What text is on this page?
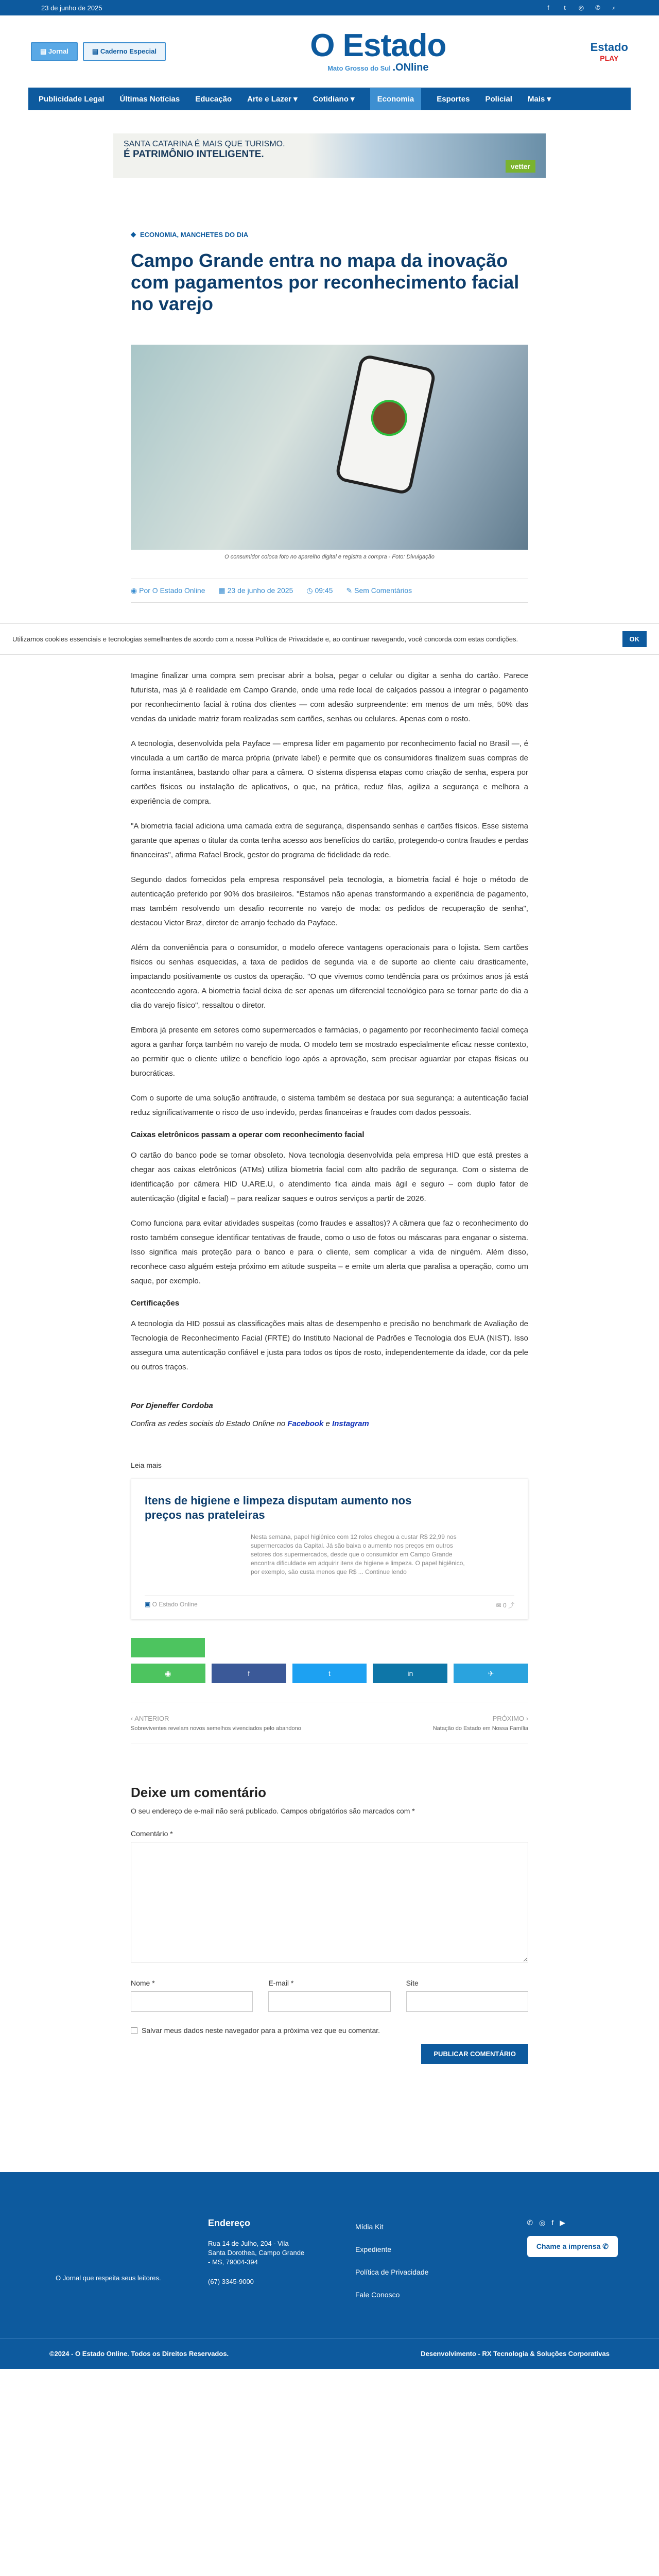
23 de junho de 2025	f	t	◎ ✆	⌕
▤ Jornal	▤ Caderno Especial	O Estado
Mato Grosso do Sul .ONline
Estado
PLAY
Publicidade Legal Últimas Notícias Educação Arte e Lazer ▾ Cotidiano ▾	Economia	Esportes Policial Mais ▾
SANTA CATARINA É MAIS QUE TURISMO.
É PATRIMÔNIO INTELIGENTE.
vetter
Utilizamos cookies essenciais e tecnologias semelhantes de acordo com a nossa Política de Privacidade e, ao continuar navegando, você concorda com estas condições.	OK
◆ ECONOMIA, MANCHETES DO DIA
Campo Grande entra no mapa da inovação com pagamentos por reconhecimento facial no varejo
O consumidor coloca foto no aparelho digital e registra a compra - Foto: Divulgação
◉ Por O Estado Online ▦ 23 de junho de 2025 ◷ 09:45 ✎ Sem Comentários

Imagine finalizar uma compra sem precisar abrir a bolsa, pegar o celular ou digitar a senha do cartão. Parece futurista, mas já é realidade em Campo Grande, onde uma rede local de calçados passou a integrar o pagamento por reconhecimento facial à rotina dos clientes — com adesão surpreendente: em menos de um mês, 50% das vendas da unidade matriz foram realizadas sem cartões, senhas ou celulares. Apenas com o rosto.

A tecnologia, desenvolvida pela Payface — empresa líder em pagamento por reconhecimento facial no Brasil —, é vinculada a um cartão de marca própria (private label) e permite que os consumidores finalizem suas compras de forma instantânea, bastando olhar para a câmera. O sistema dispensa etapas como criação de senha, espera por cartões físicos ou instalação de aplicativos, o que, na prática, reduz filas, agiliza a segurança e melhora a experiência de compra.

"A biometria facial adiciona uma camada extra de segurança, dispensando senhas e cartões físicos. Esse sistema garante que apenas o titular da conta tenha acesso aos benefícios do cartão, protegendo-o contra fraudes e perdas financeiras", afirma Rafael Brock, gestor do programa de fidelidade da rede.

Segundo dados fornecidos pela empresa responsável pela tecnologia, a biometria facial é hoje o método de autenticação preferido por 90% dos brasileiros. "Estamos não apenas transformando a experiência de pagamento, mas também resolvendo um desafio recorrente no varejo de moda: os pedidos de recuperação de senha", destacou Victor Braz, diretor de arranjo fechado da Payface.

Além da conveniência para o consumidor, o modelo oferece vantagens operacionais para o lojista. Sem cartões físicos ou senhas esquecidas, a taxa de pedidos de segunda via e de suporte ao cliente caiu drasticamente, impactando positivamente os custos da operação. "O que vivemos como tendência para os próximos anos já está acontecendo agora. A biometria facial deixa de ser apenas um diferencial tecnológico para se tornar parte do dia a dia do varejo físico", ressaltou o diretor.

Embora já presente em setores como supermercados e farmácias, o pagamento por reconhecimento facial começa agora a ganhar força também no varejo de moda. O modelo tem se mostrado especialmente eficaz nesse contexto, ao permitir que o cliente utilize o benefício logo após a aprovação, sem precisar aguardar por etapas físicas ou burocráticas.

Com o suporte de uma solução antifraude, o sistema também se destaca por sua segurança: a autenticação facial reduz significativamente o risco de uso indevido, perdas financeiras e fraudes com dados pessoais.

Caixas eletrônicos passam a operar com reconhecimento facial

O cartão do banco pode se tornar obsoleto. Nova tecnologia desenvolvida pela empresa HID que está prestes a chegar aos caixas eletrônicos (ATMs) utiliza biometria facial com alto padrão de segurança. Com o sistema de identificação por câmera HID U.ARE.U, o atendimento fica ainda mais ágil e seguro – com duplo fator de autenticação (digital e facial) – para realizar saques e outros serviços a partir de 2026.

Como funciona para evitar atividades suspeitas (como fraudes e assaltos)? A câmera que faz o reconhecimento do rosto também consegue identificar tentativas de fraude, como o uso de fotos ou máscaras para enganar o sistema. Isso significa mais proteção para o banco e para o cliente, sem complicar a vida de ninguém. Além disso, reconhece caso alguém esteja próximo em atitude suspeita – e emite um alerta que paralisa a operação, como um saque, por exemplo.

Certificações

A tecnologia da HID possui as classificações mais altas de desempenho e precisão no benchmark de Avaliação de Tecnologia de Reconhecimento Facial (FRTE) do Instituto Nacional de Padrões e Tecnologia dos EUA (NIST). Isso assegura uma autenticação confiável e justa para todos os tipos de rosto, independentemente da idade, cor da pele ou outros traços.

Por Djeneffer Cordoba
Confira as redes sociais do Estado Online no Facebook e Instagram
Leia mais
Itens de higiene e limpeza disputam aumento nos preços nas prateleiras
Nesta semana, papel higiênico com 12 rolos chegou a custar R$ 22,99 nos supermercados da Capital. Já são baixa o aumento nos preços em outros setores dos supermercados, desde que o consumidor em Campo Grande encontra dificuldade em adquirir itens de higiene e limpeza. O papel higiênico, por exemplo, são custa menos que R$ ... Continue lendo
▣ O Estado Online	✉ 0 ⤴
◉	f	t	in	✈
‹ ANTERIOR
Sobreviventes revelam novos semelhos vivenciados pelo abandono
PRÓXIMO ›
Natação do Estado em Nossa Família
Deixe um comentário
O seu endereço de e-mail não será publicado. Campos obrigatórios são marcados com *
Comentário *
Nome *	E-mail *	Site
Salvar meus dados neste navegador para a próxima vez que eu comentar.
PUBLICAR COMENTÁRIO
O Jornal que respeita seus leitores.
Endereço
Rua 14 de Julho, 204 - Vila Santa Dorothea, Campo Grande - MS, 79004-394
(67) 3345-9000
Mídia Kit
Expediente
Política de Privacidade
Fale Conosco
✆ ◎ f ▶
Chame a imprensa ✆
©2024 - O Estado Online. Todos os Direitos Reservados.	Desenvolvimento - RX Tecnologia & Soluções Corporativas
